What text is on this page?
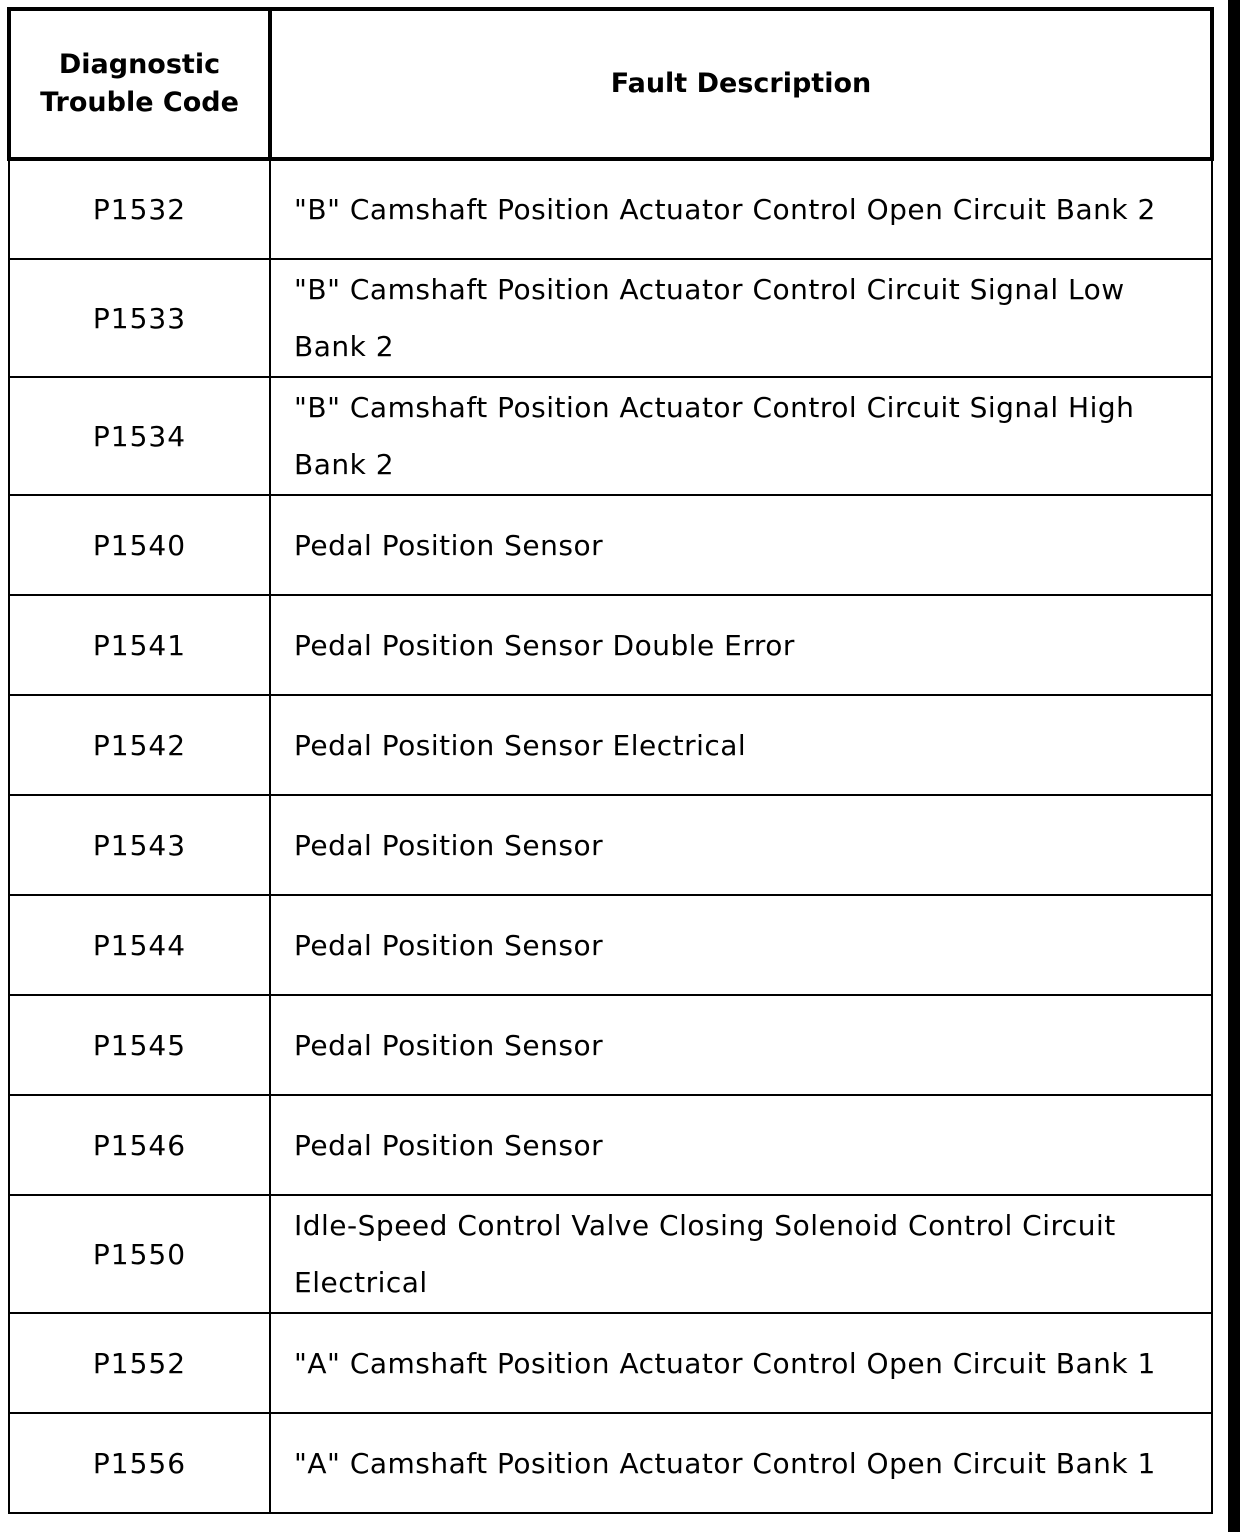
Diagnostic Trouble Code	Fault Description
P1532	"B" Camshaft Position Actuator Control Open Circuit Bank 2
P1533	"B" Camshaft Position Actuator Control Circuit Signal Low Bank 2
P1534	"B" Camshaft Position Actuator Control Circuit Signal High Bank 2
P1540	Pedal Position Sensor
P1541	Pedal Position Sensor Double Error
P1542	Pedal Position Sensor Electrical
P1543	Pedal Position Sensor
P1544	Pedal Position Sensor
P1545	Pedal Position Sensor
P1546	Pedal Position Sensor
P1550	Idle-Speed Control Valve Closing Solenoid Control Circuit Electrical
P1552	"A" Camshaft Position Actuator Control Open Circuit Bank 1
P1556	"A" Camshaft Position Actuator Control Open Circuit Bank 1
